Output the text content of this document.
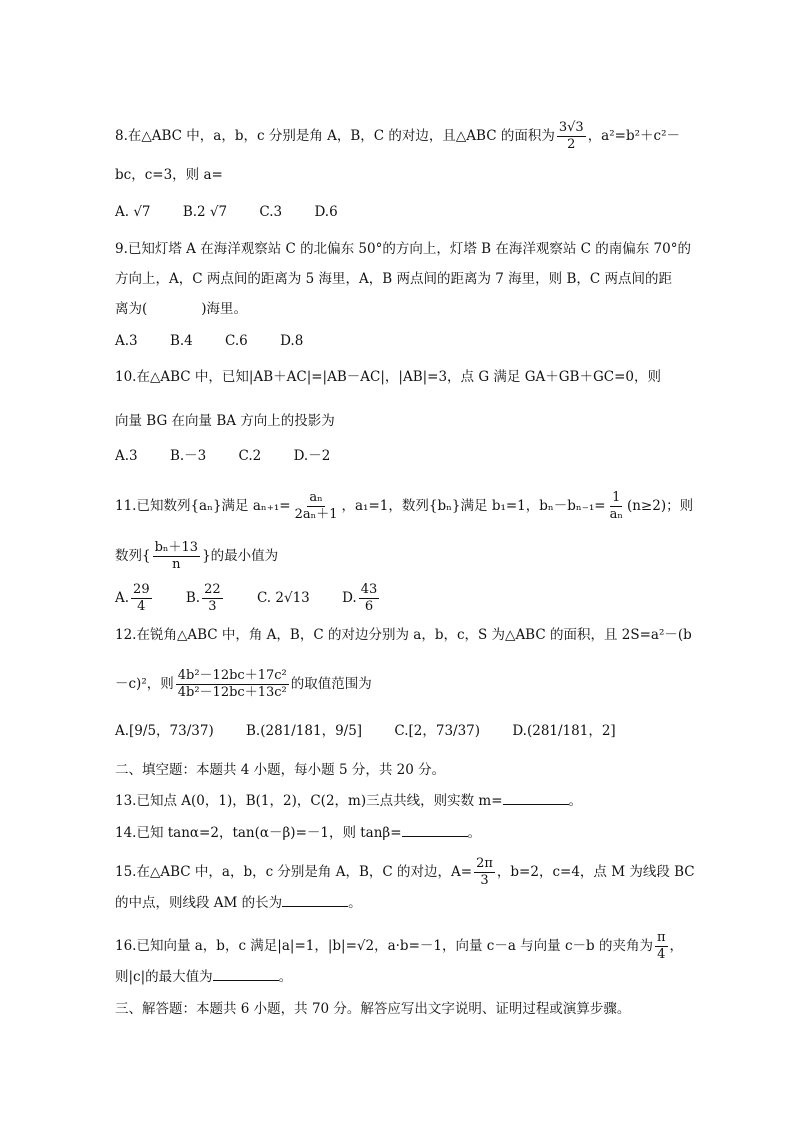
8.在△ABC 中，a，b，c 分别是角 A，B，C 的对边，且△ABC 的面积为 $\frac{3√3}{2}$ ，a²=b²＋c²－
bc，c=3，则 a=
A. √7 B.2 √7 C.3 D.6
9.已知灯塔 A 在海洋观察站 C 的北偏东 50°的方向上，灯塔 B 在海洋观察站 C 的南偏东 70°的
方向上，A，C 两点间的距离为 5 海里，A，B 两点间的距离为 7 海里，则 B，C 两点间的距
离为(　　　　)海里。
A.3 B.4 C.6 D.8
10.在△ABC 中，已知|AB＋AC|=|AB－AC|，|AB|=3，点 G 满足 GA＋GB＋GC=0，则
向量 BG 在向量 BA 方向上的投影为
A.3 B.－3 C.2 D.－2
11.已知数列{aₙ}满足 $a_{n+1}= \frac{\text{aₙ}}{\text{2aₙ＋1}}$ ，a₁=1，数列{bₙ}满足 b₁=1，$b_n-b_{n-1}= \frac{1}{\text{aₙ}} (n\ge 2)$；则
数列{ $\frac{\text{bₙ＋13}}{n}$ }的最小值为
A. $\frac{29}{4}$	B. $\frac{22}{3}$	C. 2√13 D. $\frac{43}{6}$
12.在锐角△ABC 中，角 A，B，C 的对边分别为 a，b，c，S 为△ABC 的面积，且 2S=a²－(b
－c)²，则 $\frac{\text{4b²－12bc＋17c²}}{\text{4b²－12bc＋13c²}}$ 的取值范围为
A.[9/5，73/37) B.(281/181，9/5] C.[2，73/37) D.(281/181，2]
二、填空题：本题共 4 小题，每小题 5 分，共 20 分。
13.已知点 A(0，1)，B(1，2)，C(2，m)三点共线，则实数 m=	。
14.已知 tanα=2，tan(α－β)=－1，则 tanβ=	。
15.在△ABC 中，a，b，c 分别是角 A，B，C 的对边，$A= \frac{2\pi}{3}$ ，b=2，c=4，点 M 为线段 BC
的中点，则线段 AM 的长为	。
16.已知向量 a，b，c 满足|a|=1，|b|=√2，a·b=－1，向量 c－a 与向量 c－b 的夹角为 $\frac{\pi}{4}$ ，
则|c|的最大值为	。
三、解答题：本题共 6 小题，共 70 分。解答应写出文字说明、证明过程或演算步骤。
